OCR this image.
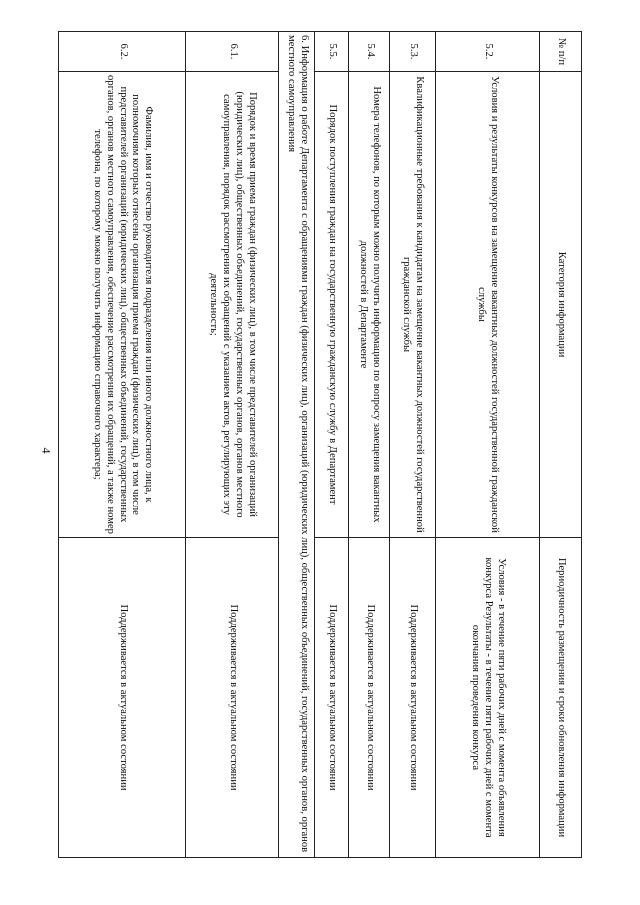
4
№ п/п	Категория информации	Периодичность размещения и сроки обновления информации
5.2.	Условия и результаты конкурсов на замещение вакантных должностей государственной гражданской службы	Условия - в течение пяти рабочих дней с момента объявления конкурса Результаты - в течение пяти рабочих дней с момента окончания проведения конкурса
5.3.	Квалификационные требования к кандидатам на замещение вакантных должностей государственной гражданской службы	Поддерживается в актуальном состоянии
5.4.	Номера телефонов, по которым можно получить информацию по вопросу замещения вакантных должностей в Департаменте	Поддерживается в актуальном состоянии
5.5.	Порядок поступления граждан на государственную гражданскую службу в Департамент	Поддерживается в актуальном состоянии
6. Информация о работе Департамента с обращениями граждан (физических лиц), организаций (юридических лиц), общественных объединений, государственных органов, органов местного самоуправления		
6.1.	Порядок и время приема граждан (физических лиц), в том числе представителей организаций (юридических лиц), общественных объединений, государственных органов, органов местного самоуправления, порядок рассмотрения их обращений с указанием актов, регулирующих эту деятельность;	Поддерживается в актуальном состоянии
6.2.	Фамилия, имя и отчество руководителя подразделения или иного должностного лица, к полномочиям которых отнесены организация приема граждан (физических лиц), в том числе представителей организаций (юридических лиц), общественных объединений, государственных органов, органов местного самоуправления, обеспечение рассмотрения их обращений, а также номер телефона, по которому можно получить информацию справочного характера;	Поддерживается в актуальном состоянии
